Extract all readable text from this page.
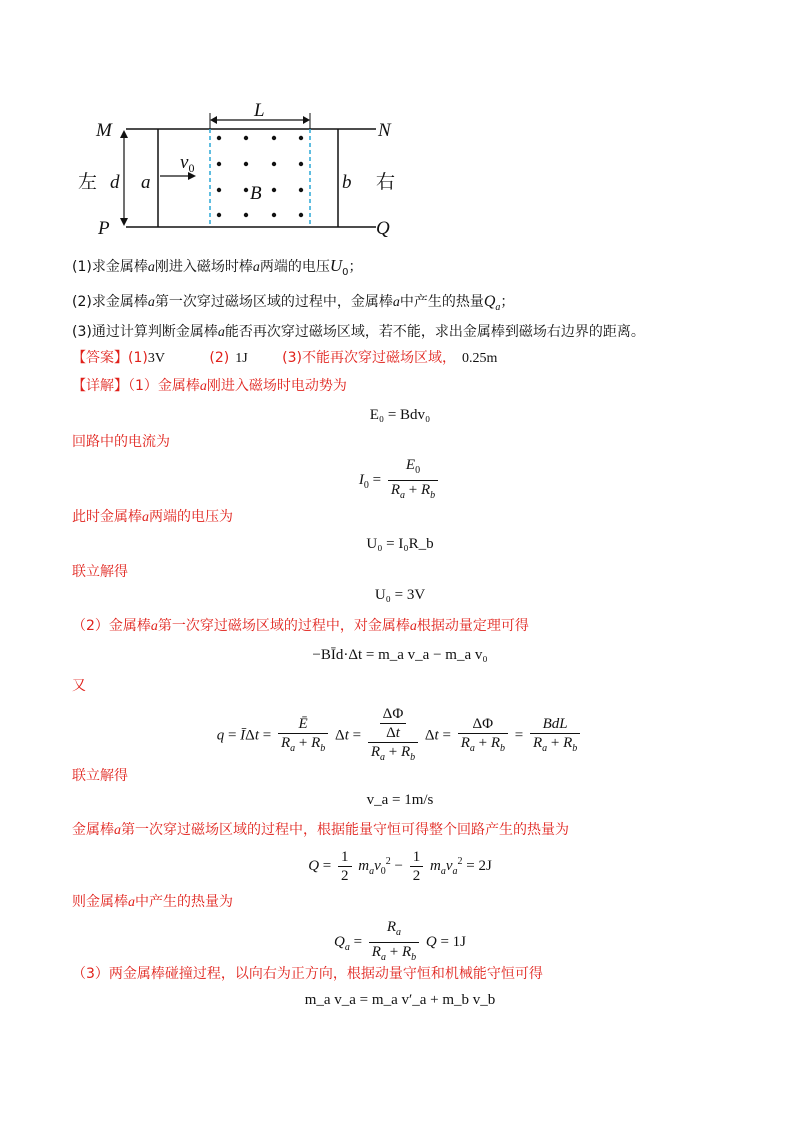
M	N
P	Q
L
d a	b
B
$v_0$
左	右
(1)求金属棒a刚进入磁场时棒a两端的电压$U_0$；
(2)求金属棒a第一次穿过磁场区域的过程中，金属棒a中产生的热量$Q_a$；
(3)通过计算判断金属棒a能否再次穿过磁场区域，若不能，求出金属棒到磁场右边界的距离。
【答案】(1)3V	(2) 1J (3)不能再次穿过磁场区域， 0.25m
【详解】（1）金属棒a刚进入磁场时电动势为
E₀ = Bdv₀
回路中的电流为
$I_0 = \frac{E_0}{R_a + R_b}$
此时金属棒a两端的电压为
U₀ = I₀R_b
联立解得
U₀ = 3V
（2）金属棒a第一次穿过磁场区域的过程中，对金属棒a根据动量定理可得
−BĪd·Δt = m_a v_a − m_a v₀
又
q = ĪΔt = $\frac{Ē}{R_a + R_b}$ $\Delta t = \frac{\frac{\Delta\Phi}{\Delta t}}{R_a + R_b}$ $\Delta t = \frac{\Delta\Phi}{R_a + R_b} = \frac{\text{BdL}}{R_a + R_b}$
联立解得
v_a = 1m/s
金属棒a第一次穿过磁场区域的过程中，根据能量守恒可得整个回路产生的热量为
$Q = \frac{1}{2} m_av_0^2 - \frac{1}{2} m_av_a^2 = 2J$
则金属棒a中产生的热量为
$Q_a = \frac{R_a}{R_a + R_b}$ Q = 1J
（3）两金属棒碰撞过程，以向右为正方向，根据动量守恒和机械能守恒可得
m_a v_a = m_a v′_a + m_b v_b
